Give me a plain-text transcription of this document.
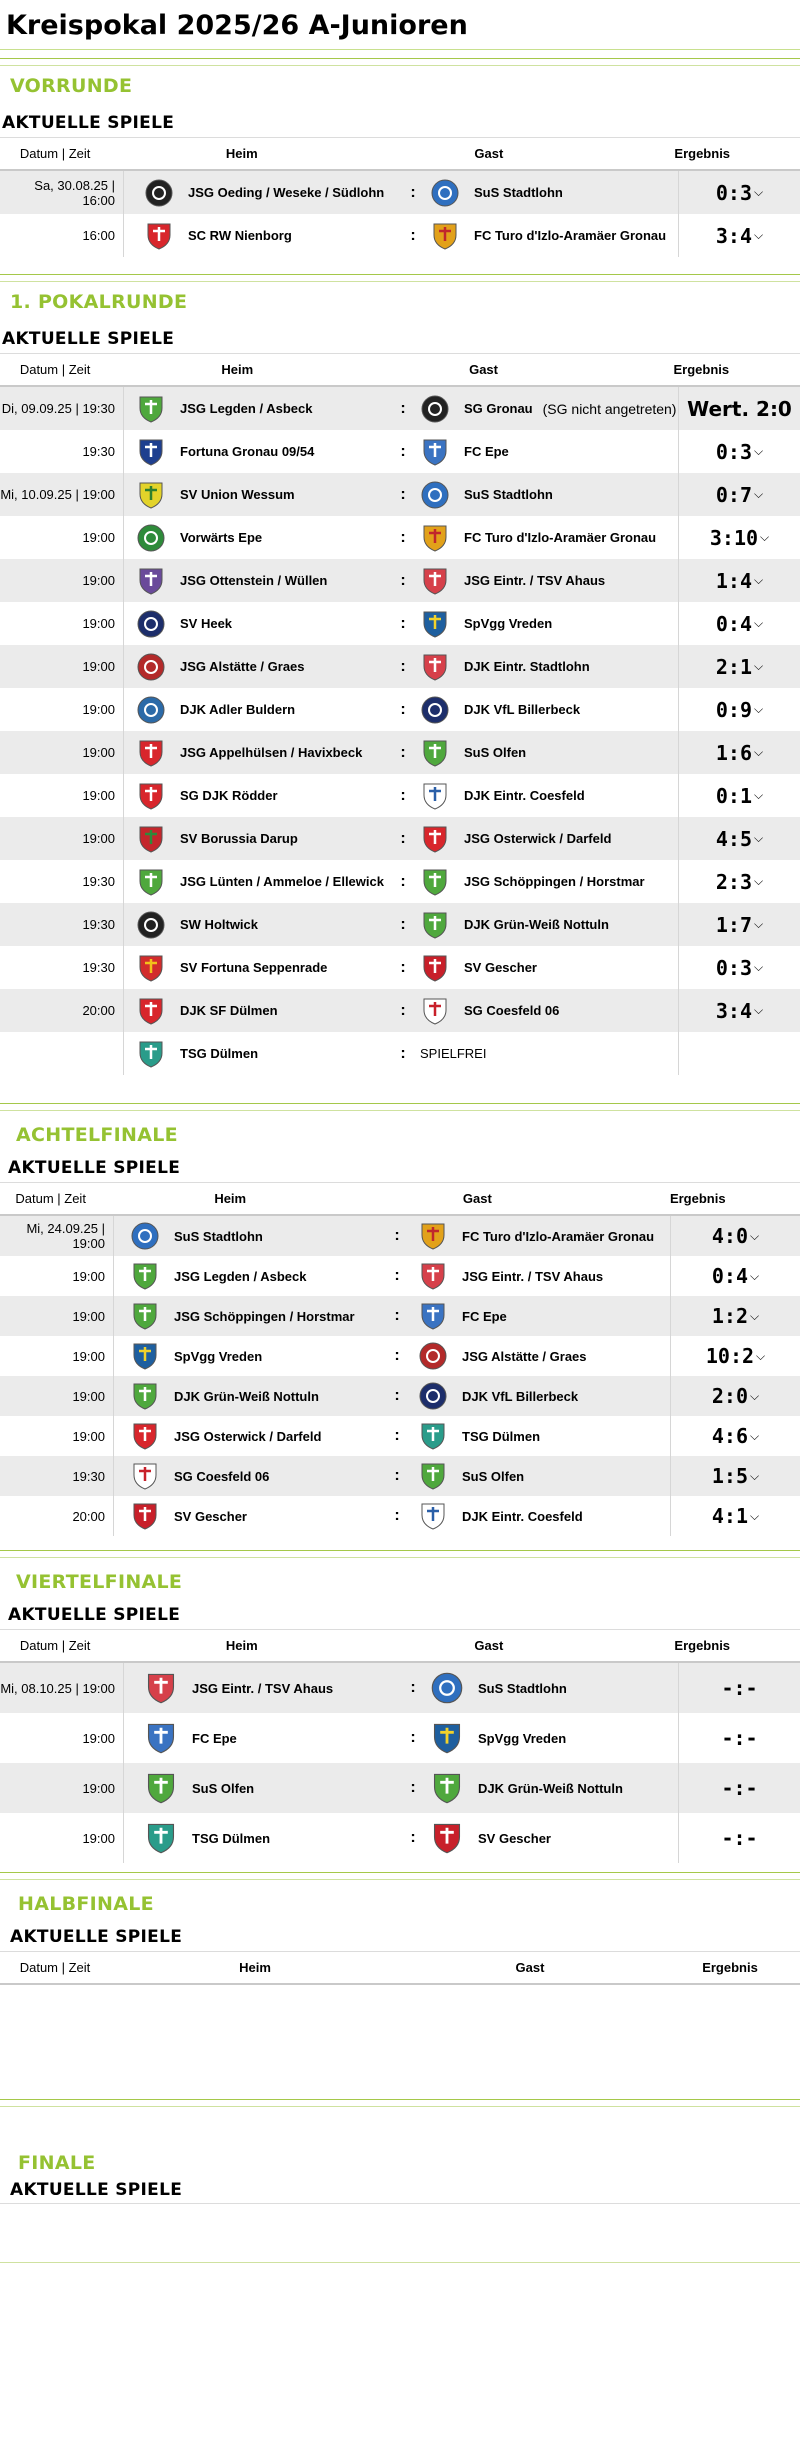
Kreispokal 2025/26 A-Junioren
VORRUNDE
AKTUELLE SPIELE
Datum | Zeit	Heim	Gast	Ergebnis
Sa, 30.08.25 | 16:00	JSG Oeding / Weseke / Südlohn :	SuS Stadtlohn	0:3 ⌵
16:00	SC RW Nienborg	:	FC Turo d'Izlo-Aramäer Gronau 3:4 ⌵
1. POKALRUNDE
AKTUELLE SPIELE
Datum | Zeit	Heim	Gast	Ergebnis
Di, 09.09.25 | 19:30	JSG Legden / Asbeck	:	SG Gronau (SG nicht angetreten) Wert. 2:0
19:30	Fortuna Gronau 09/54	:	FC Epe	0:3 ⌵
Mi, 10.09.25 | 19:00	SV Union Wessum	:	SuS Stadtlohn	0:7 ⌵
19:00	Vorwärts Epe	:	FC Turo d'Izlo-Aramäer Gronau	3:10 ⌵
19:00	JSG Ottenstein / Wüllen	:	JSG Eintr. / TSV Ahaus	1:4 ⌵
19:00	SV Heek	:	SpVgg Vreden	0:4 ⌵
19:00	JSG Alstätte / Graes	:	DJK Eintr. Stadtlohn	2:1 ⌵
19:00	DJK Adler Buldern	:	DJK VfL Billerbeck	0:9 ⌵
19:00	JSG Appelhülsen / Havixbeck :	SuS Olfen	1:6 ⌵
19:00	SG DJK Rödder	:	DJK Eintr. Coesfeld	0:1 ⌵
19:00	SV Borussia Darup	:	JSG Osterwick / Darfeld	4:5 ⌵
19:30	JSG Lünten / Ammeloe / Ellewick :	JSG Schöppingen / Horstmar	2:3 ⌵
19:30	SW Holtwick	:	DJK Grün-Weiß Nottuln	1:7 ⌵
19:30	SV Fortuna Seppenrade	:	SV Gescher	0:3 ⌵
20:00	DJK SF Dülmen	:	SG Coesfeld 06	3:4 ⌵
TSG Dülmen	:	SPIELFREI
ACHTELFINALE
AKTUELLE SPIELE
Datum | Zeit	Heim	Gast	Ergebnis
Mi, 24.09.25 | 19:00	SuS Stadtlohn	:	FC Turo d'Izlo-Aramäer Gronau	4:0 ⌵
19:00	JSG Legden / Asbeck	:	JSG Eintr. / TSV Ahaus	0:4 ⌵
19:00	JSG Schöppingen / Horstmar :	FC Epe	1:2 ⌵
19:00	SpVgg Vreden	:	JSG Alstätte / Graes	10:2 ⌵
19:00	DJK Grün-Weiß Nottuln	:	DJK VfL Billerbeck	2:0 ⌵
19:00	JSG Osterwick / Darfeld	:	TSG Dülmen	4:6 ⌵
19:30	SG Coesfeld 06	:	SuS Olfen	1:5 ⌵
20:00	SV Gescher	:	DJK Eintr. Coesfeld	4:1 ⌵
VIERTELFINALE
AKTUELLE SPIELE
Datum | Zeit	Heim	Gast	Ergebnis
Mi, 08.10.25 | 19:00	JSG Eintr. / TSV Ahaus	:	SuS Stadtlohn	-:-
19:00	FC Epe	:	SpVgg Vreden	-:-
19:00	SuS Olfen	:	DJK Grün-Weiß Nottuln	-:-
19:00	TSG Dülmen	:	SV Gescher	-:-
HALBFINALE
AKTUELLE SPIELE
Datum | Zeit	Heim	Gast	Ergebnis
FINALE
AKTUELLE SPIELE
